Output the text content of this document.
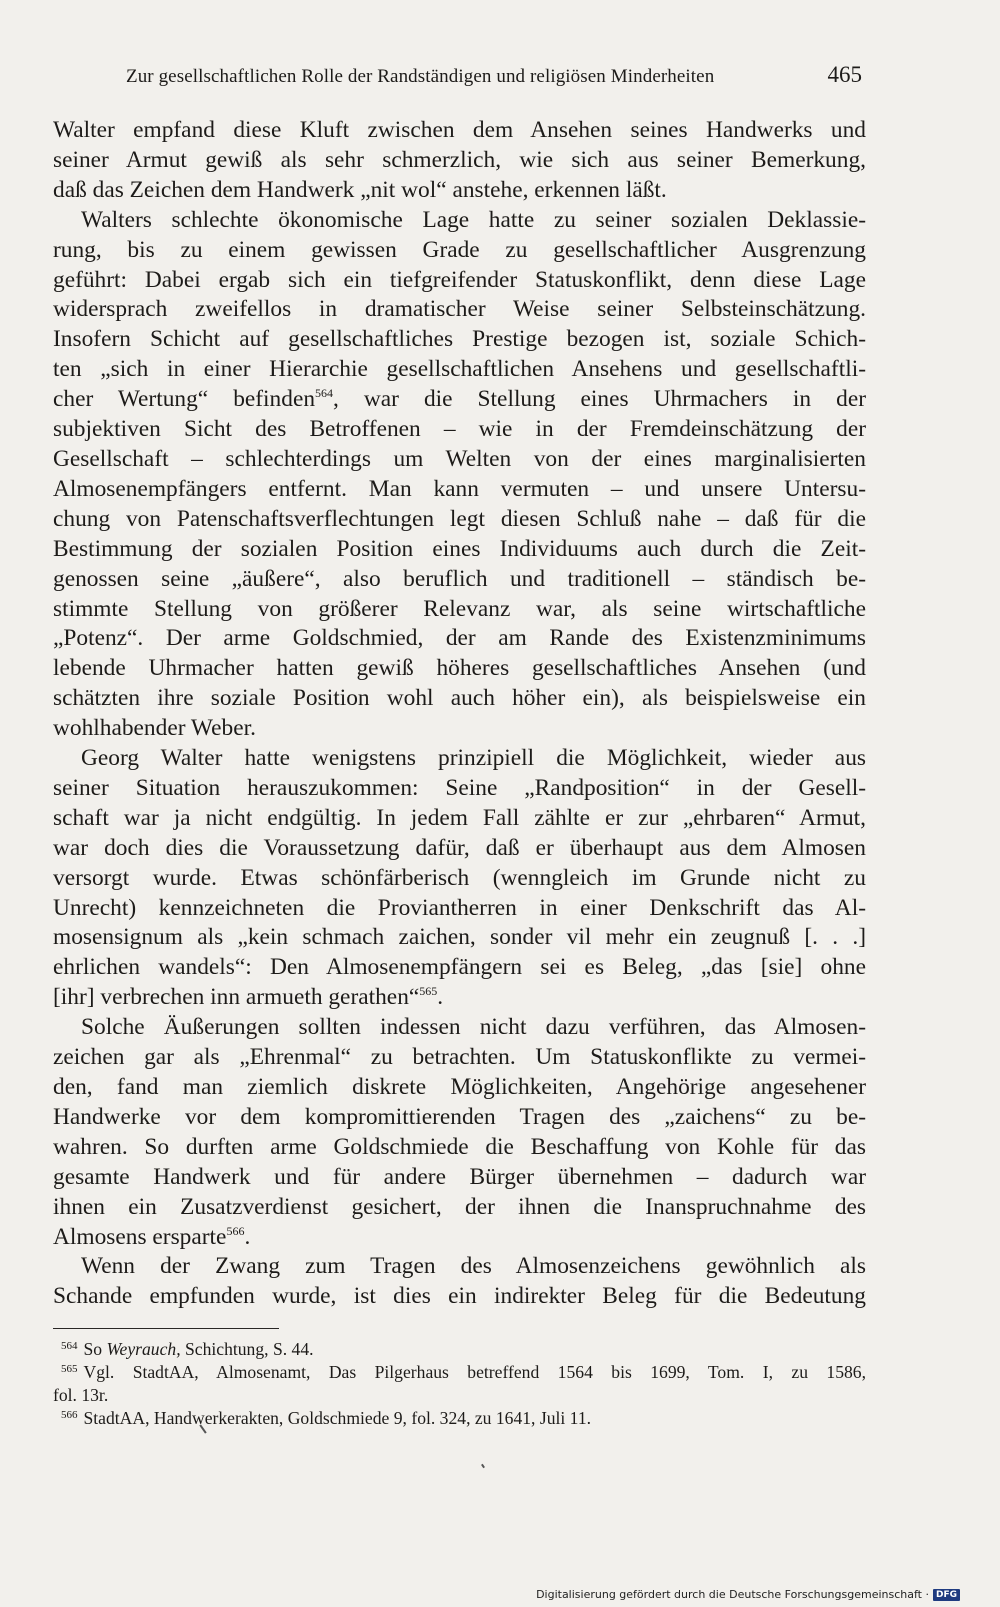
Zur gesellschaftlichen Rolle der Randständigen und religiösen Minderheiten	465
Walter empfand diese Kluft zwischen dem Ansehen seines Handwerks und
seiner Armut gewiß als sehr schmerzlich, wie sich aus seiner Bemerkung,
daß das Zeichen dem Handwerk „nit wol“ anstehe, erkennen läßt.
Walters schlechte ökonomische Lage hatte zu seiner sozialen Deklassie-
rung, bis zu einem gewissen Grade zu gesellschaftlicher Ausgrenzung
geführt: Dabei ergab sich ein tiefgreifender Statuskonflikt, denn diese Lage
widersprach zweifellos in dramatischer Weise seiner Selbsteinschätzung.
Insofern Schicht auf gesellschaftliches Prestige bezogen ist, soziale Schich-
ten „sich in einer Hierarchie gesellschaftlichen Ansehens und gesellschaftli-
cher Wertung“ befinden$^{564}$, war die Stellung eines Uhrmachers in der
subjektiven Sicht des Betroffenen – wie in der Fremdeinschätzung der
Gesellschaft – schlechterdings um Welten von der eines marginalisierten
Almosenempfängers entfernt. Man kann vermuten – und unsere Untersu-
chung von Patenschaftsverflechtungen legt diesen Schluß nahe – daß für die
Bestimmung der sozialen Position eines Individuums auch durch die Zeit-
genossen seine „äußere“, also beruflich und traditionell – ständisch be-
stimmte Stellung von größerer Relevanz war, als seine wirtschaftliche
„Potenz“. Der arme Goldschmied, der am Rande des Existenzminimums
lebende Uhrmacher hatten gewiß höheres gesellschaftliches Ansehen (und
schätzten ihre soziale Position wohl auch höher ein), als beispielsweise ein
wohlhabender Weber.
Georg Walter hatte wenigstens prinzipiell die Möglichkeit, wieder aus
seiner Situation herauszukommen: Seine „Randposition“ in der Gesell-
schaft war ja nicht endgültig. In jedem Fall zählte er zur „ehrbaren“ Armut,
war doch dies die Voraussetzung dafür, daß er überhaupt aus dem Almosen
versorgt wurde. Etwas schönfärberisch (wenngleich im Grunde nicht zu
Unrecht) kennzeichneten die Proviantherren in einer Denkschrift das Al-
mosensignum als „kein schmach zaichen, sonder vil mehr ein zeugnuß [. . .]
ehrlichen wandels“: Den Almosenempfängern sei es Beleg, „das [sie] ohne
[ihr] verbrechen inn armueth gerathen“$^{565}$.
Solche Äußerungen sollten indessen nicht dazu verführen, das Almosen-
zeichen gar als „Ehrenmal“ zu betrachten. Um Statuskonflikte zu vermei-
den, fand man ziemlich diskrete Möglichkeiten, Angehörige angesehener
Handwerke vor dem kompromittierenden Tragen des „zaichens“ zu be-
wahren. So durften arme Goldschmiede die Beschaffung von Kohle für das
gesamte Handwerk und für andere Bürger übernehmen – dadurch war
ihnen ein Zusatzverdienst gesichert, der ihnen die Inanspruchnahme des
Almosens ersparte$^{566}$.
Wenn der Zwang zum Tragen des Almosenzeichens gewöhnlich als
Schande empfunden wurde, ist dies ein indirekter Beleg für die Bedeutung
$^{564}$ So Weyrauch, Schichtung, S. 44.
$^{565}$ Vgl. StadtAA, Almosenamt, Das Pilgerhaus betreffend 1564 bis 1699, Tom. I, zu 1586,
fol. 13r.
$^{566}$ StadtAA, Handwerkerakten, Goldschmiede 9, fol. 324, zu 1641, Juli 11.
Digitalisierung gefördert durch die Deutsche Forschungsgemeinschaft · DFG
